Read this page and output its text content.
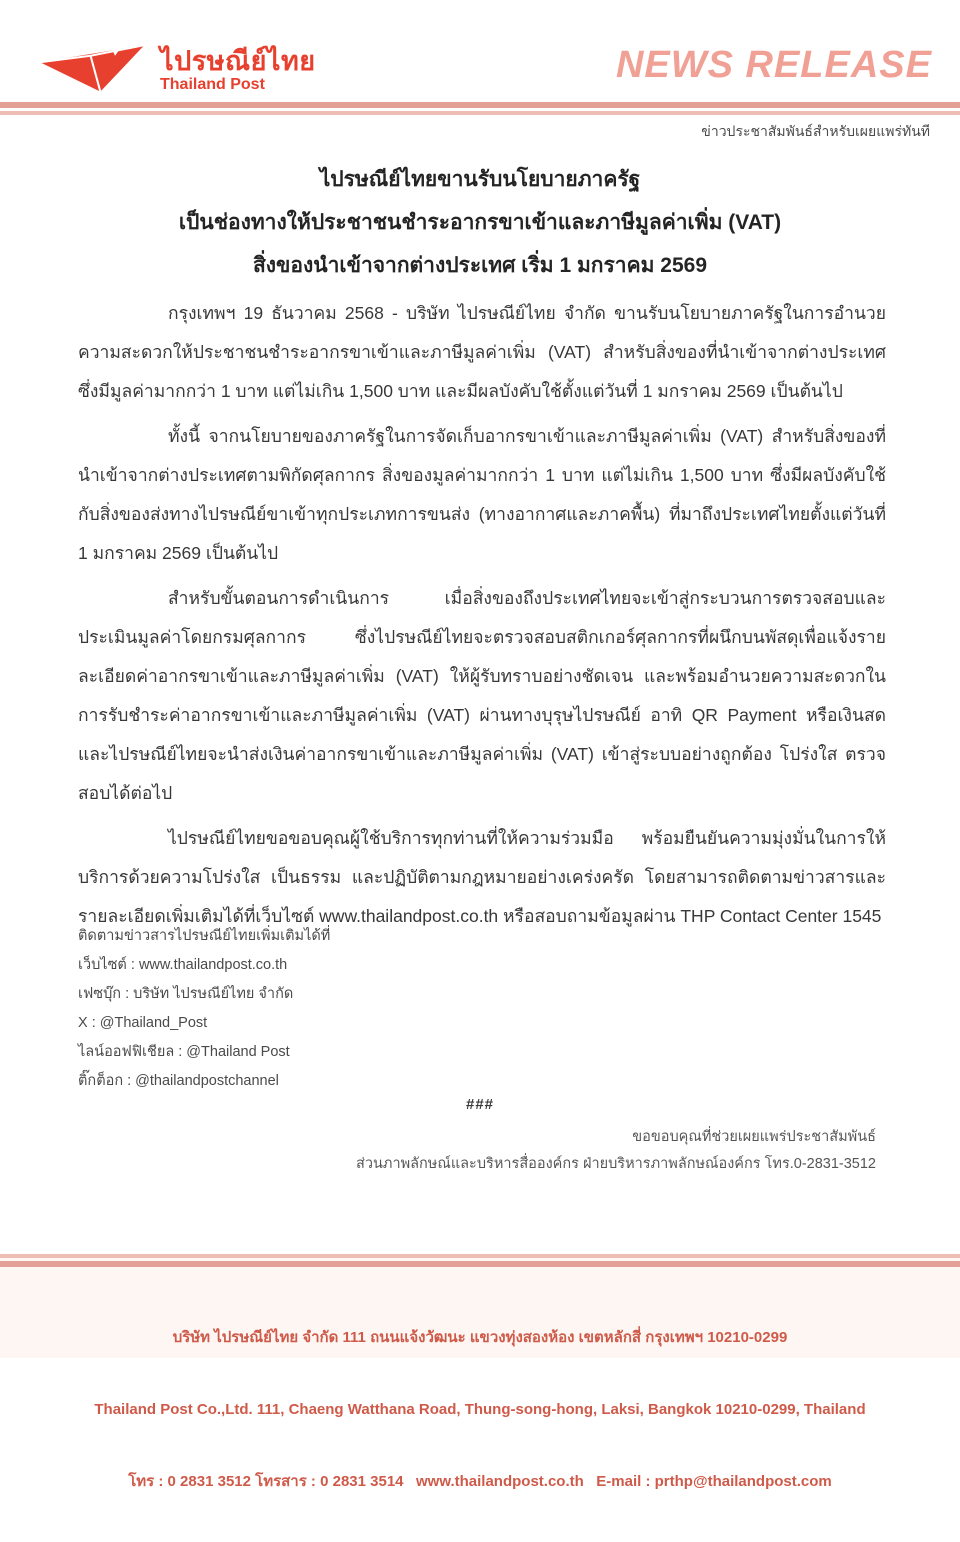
ไปรษณีย์ไทย
Thailand Post	NEWS RELEASE
ข่าวประชาสัมพันธ์สำหรับเผยแพร่ทันที
ไปรษณีย์ไทยขานรับนโยบายภาครัฐ
เป็นช่องทางให้ประชาชนชำระอากรขาเข้าและภาษีมูลค่าเพิ่ม (VAT)
สิ่งของนำเข้าจากต่างประเทศ เริ่ม 1 มกราคม 2569

กรุงเทพฯ 19 ธันวาคม 2568 - บริษัท ไปรษณีย์ไทย จำกัด ขานรับนโยบายภาครัฐในการอำนวยความสะดวกให้ประชาชนชำระอากรขาเข้าและภาษีมูลค่าเพิ่ม (VAT) สำหรับสิ่งของที่นำเข้าจากต่างประเทศ ซึ่งมีมูลค่ามากกว่า 1 บาท แต่ไม่เกิน 1,500 บาท และมีผลบังคับใช้ตั้งแต่วันที่ 1 มกราคม 2569 เป็นต้นไป

ทั้งนี้ จากนโยบายของภาครัฐในการจัดเก็บอากรขาเข้าและภาษีมูลค่าเพิ่ม (VAT) สำหรับสิ่งของที่นำเข้าจากต่างประเทศตามพิกัดศุลกากร สิ่งของมูลค่ามากกว่า 1 บาท แต่ไม่เกิน 1,500 บาท ซึ่งมีผลบังคับใช้กับสิ่งของส่งทางไปรษณีย์ขาเข้าทุกประเภทการขนส่ง (ทางอากาศและภาคพื้น) ที่มาถึงประเทศไทยตั้งแต่วันที่ 1 มกราคม 2569 เป็นต้นไป

สำหรับขั้นตอนการดำเนินการ เมื่อสิ่งของถึงประเทศไทยจะเข้าสู่กระบวนการตรวจสอบและประเมินมูลค่าโดยกรมศุลกากร ซึ่งไปรษณีย์ไทยจะตรวจสอบสติกเกอร์ศุลกากรที่ผนึกบนพัสดุเพื่อแจ้งรายละเอียดค่าอากรขาเข้าและภาษีมูลค่าเพิ่ม (VAT) ให้ผู้รับทราบอย่างชัดเจน และพร้อมอำนวยความสะดวกในการรับชำระค่าอากรขาเข้าและภาษีมูลค่าเพิ่ม (VAT) ผ่านทางบุรุษไปรษณีย์ อาทิ QR Payment หรือเงินสด และไปรษณีย์ไทยจะนำส่งเงินค่าอากรขาเข้าและภาษีมูลค่าเพิ่ม (VAT) เข้าสู่ระบบอย่างถูกต้อง โปร่งใส ตรวจสอบได้ต่อไป

ไปรษณีย์ไทยขอขอบคุณผู้ใช้บริการทุกท่านที่ให้ความร่วมมือ พร้อมยืนยันความมุ่งมั่นในการให้บริการด้วยความโปร่งใส เป็นธรรม และปฏิบัติตามกฎหมายอย่างเคร่งครัด โดยสามารถติดตามข่าวสารและรายละเอียดเพิ่มเติมได้ที่เว็บไซต์ www.thailandpost.co.th หรือสอบถามข้อมูลผ่าน THP Contact Center 1545

ติดตามข่าวสารไปรษณีย์ไทยเพิ่มเติมได้ที่
เว็บไซต์ : www.thailandpost.co.th
เฟซบุ๊ก : บริษัท ไปรษณีย์ไทย จำกัด
X : @Thailand_Post
ไลน์ออฟฟิเชียล : @Thailand Post
ติ๊กต็อก : @thailandpostchannel
###
ขอขอบคุณที่ช่วยเผยแพร่ประชาสัมพันธ์
ส่วนภาพลักษณ์และบริหารสื่อองค์กร ฝ่ายบริหารภาพลักษณ์องค์กร โทร.0-2831-3512

บริษัท ไปรษณีย์ไทย จำกัด 111 ถนนแจ้งวัฒนะ แขวงทุ่งสองห้อง เขตหลักสี่ กรุงเทพฯ 10210-0299

Thailand Post Co.,Ltd. 111, Chaeng Watthana Road, Thung-song-hong, Laksi, Bangkok 10210-0299, Thailand

โทร : 0 2831 3512 โทรสาร : 0 2831 3514   www.thailandpost.co.th   E-mail : prthp@thailandpost.com
